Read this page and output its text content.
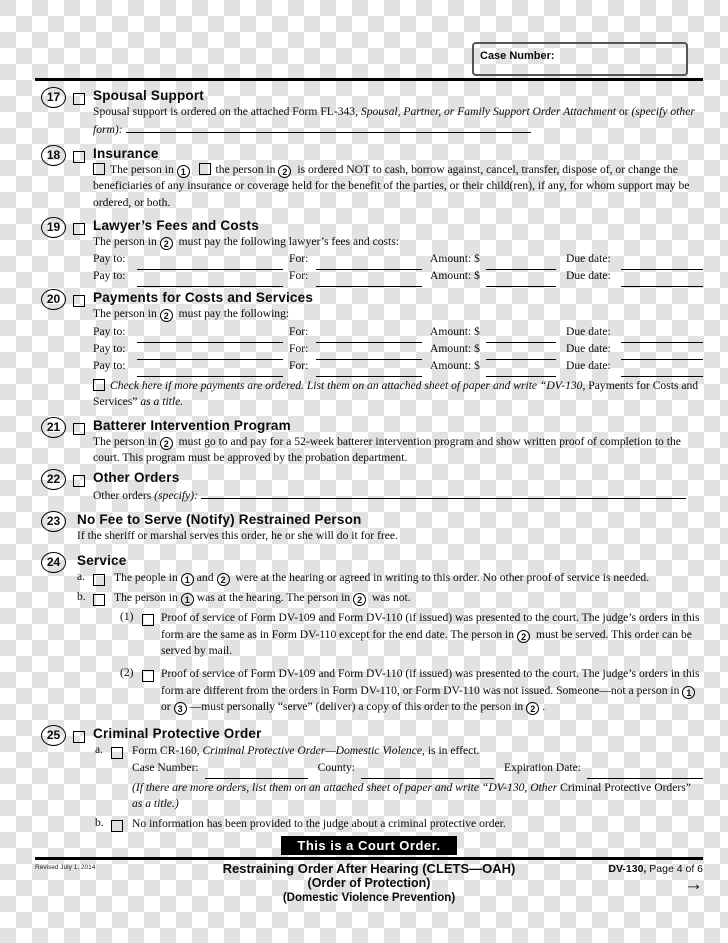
Case Number:
17	Spousal Support

Spousal support is ordered on the attached Form FL-343, Spousal, Partner, or Family Support Order Attachment or (specify other form):

18	Insurance

The person in 1	the person in 2 is ordered NOT to cash, borrow against, cancel, transfer, dispose of, or change the beneficiaries of any insurance or coverage held for the benefit of the parties, or their child(ren), if any, for whom support may be ordered, or both.

19	Lawyer’s Fees and Costs

The person in 2 must pay the following lawyer’s fees and costs:

Pay to:	For:	Amount: $	Due date:
Pay to:	For:	Amount: $	Due date:
20	Payments for Costs and Services

The person in 2 must pay the following:

Pay to:	For:	Amount: $	Due date:
Pay to:	For:	Amount: $	Due date:
Pay to:	For:	Amount: $	Due date:

Check here if more payments are ordered. List them on an attached sheet of paper and write “DV-130, Payments for Costs and Services” as a title.

21	Batterer Intervention Program

The person in 2 must go to and pay for a 52-week batterer intervention program and show written proof of completion to the court. This program must be approved by the probation department.

22	Other Orders

Other orders (specify):

23	No Fee to Serve (Notify) Restrained Person

If the sheriff or marshal serves this order, he or she will do it for free.

24	Service
a. The people in 1 and 2 were at the hearing or agreed in writing to this order. No other proof of service is needed.

b. The person in 1 was at the hearing. The person in 2 was not.

(1)	Proof of service of Form DV-109 and Form DV-110 (if issued) was presented to the court. The judge’s orders in this form are the same as in Form DV-110 except for the end date. The person in 2 must be served. This order can be served by mail.

(2)	Proof of service of Form DV-109 and Form DV-110 (if issued) was presented to the court. The judge’s orders in this form are different from the orders in Form DV-110, or Form DV-110 was not issued. Someone—not a person in 1or 3 —must personally “serve” (deliver) a copy of this order to the person in 2 .

25	Criminal Protective Order
a. Form CR-160, Criminal Protective Order—Domestic Violence, is in effect.

Case Number:	County:	Expiration Date:

(If there are more orders, list them on an attached sheet of paper and write “DV-130, Other Criminal Protective Orders” as a title.)

b. No information has been provided to the judge about a criminal protective order.

This is a Court Order.
Revised July 1, 2014	Restraining Order After Hearing (CLETS—OAH)
(Order of Protection)
(Domestic Violence Prevention)
DV-130, Page 4 of 6
→
